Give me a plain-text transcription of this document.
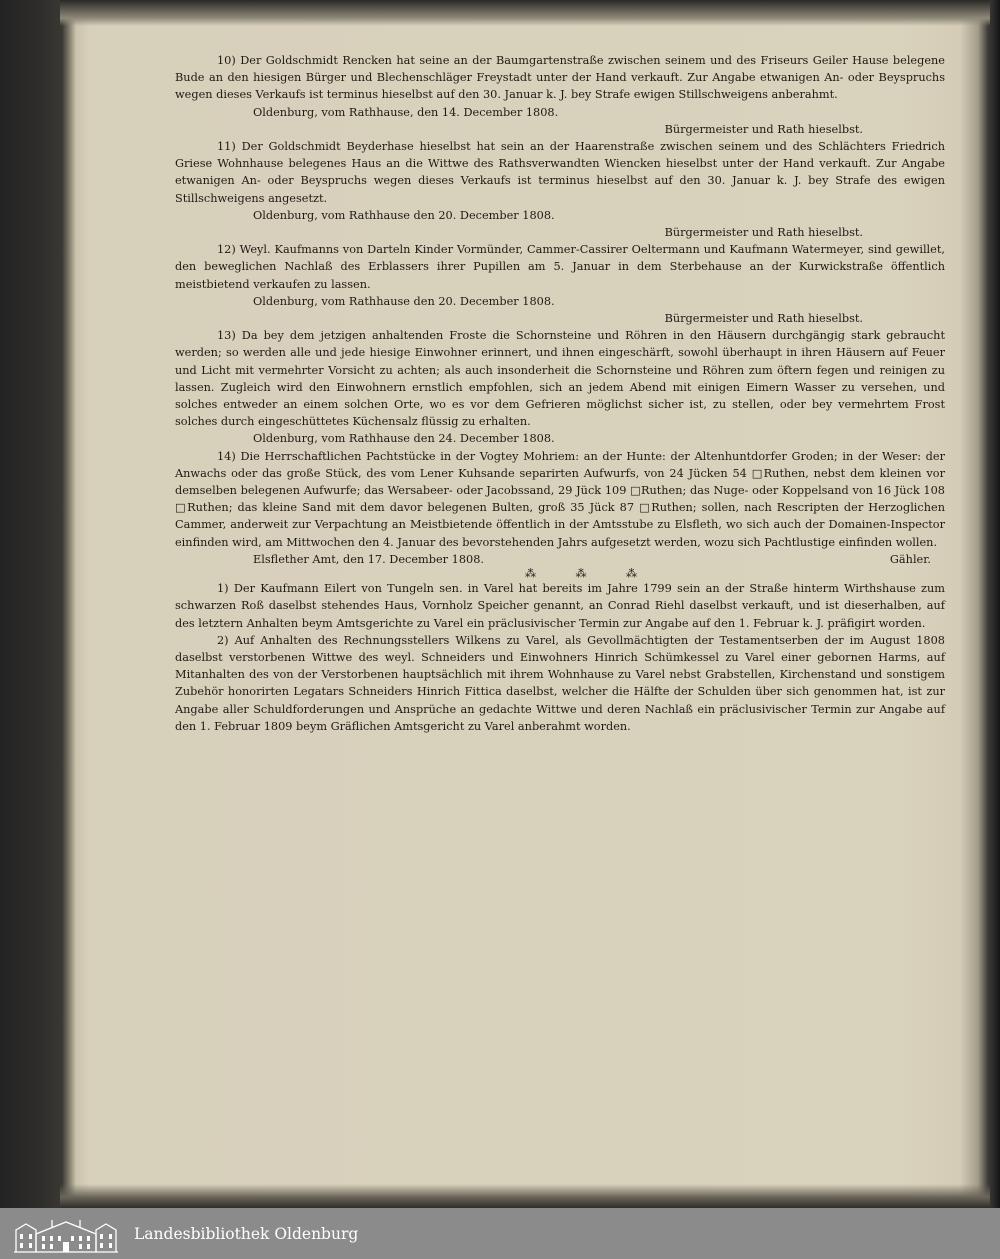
10) Der Goldschmidt Rencken hat seine an der Baumgartenstraße zwischen seinem und des Friseurs Geiler Hause belegene Bude an den hiesigen Bürger und Blechenschläger Freystadt unter der Hand verkauft. Zur Angabe etwanigen An- oder Beyspruchs wegen dieses Verkaufs ist terminus hieselbst auf den 30. Januar k. J. bey Strafe ewigen Stillschweigens anberahmt.

Oldenburg, vom Rathhause, den 14. December 1808.

Bürgermeister und Rath hieselbst.

11) Der Goldschmidt Beyderhase hieselbst hat sein an der Haarenstraße zwischen seinem und des Schlächters Friedrich Griese Wohnhause belegenes Haus an die Wittwe des Rathsverwandten Wiencken hieselbst unter der Hand verkauft. Zur Angabe etwanigen An- oder Beyspruchs wegen dieses Verkaufs ist terminus hieselbst auf den 30. Januar k. J. bey Strafe des ewigen Stillschweigens angesetzt.

Oldenburg, vom Rathhause den 20. December 1808.

Bürgermeister und Rath hieselbst.

12) Weyl. Kaufmanns von Darteln Kinder Vormünder, Cammer-Cassirer Oeltermann und Kaufmann Watermeyer, sind gewillet, den beweglichen Nachlaß des Erblassers ihrer Pupillen am 5. Januar in dem Sterbehause an der Kurwickstraße öffentlich meistbietend verkaufen zu lassen.

Oldenburg, vom Rathhause den 20. December 1808.

Bürgermeister und Rath hieselbst.

13) Da bey dem jetzigen anhaltenden Froste die Schornsteine und Röhren in den Häusern durchgängig stark gebraucht werden; so werden alle und jede hiesige Einwohner erinnert, und ihnen eingeschärft, sowohl überhaupt in ihren Häusern auf Feuer und Licht mit vermehrter Vorsicht zu achten; als auch insonderheit die Schornsteine und Röhren zum öftern fegen und reinigen zu lassen. Zugleich wird den Einwohnern ernstlich empfohlen, sich an jedem Abend mit einigen Eimern Wasser zu versehen, und solches entweder an einem solchen Orte, wo es vor dem Gefrieren möglichst sicher ist, zu stellen, oder bey vermehrtem Frost solches durch eingeschüttetes Küchensalz flüssig zu erhalten.

Oldenburg, vom Rathhause den 24. December 1808.

14) Die Herrschaftlichen Pachtstücke in der Vogtey Mohriem: an der Hunte: der Altenhuntdorfer Groden; in der Weser: der Anwachs oder das große Stück, des vom Lener Kuhsande separirten Aufwurfs, von 24 Jücken 54 □Ruthen, nebst dem kleinen vor demselben belegenen Aufwurfe; das Wersabeer- oder Jacobssand, 29 Jück 109 □Ruthen; das Nuge- oder Koppelsand von 16 Jück 108 □Ruthen; das kleine Sand mit dem davor belegenen Bulten, groß 35 Jück 87 □Ruthen; sollen, nach Rescripten der Herzoglichen Cammer, anderweit zur Verpachtung an Meistbietende öffentlich in der Amtsstube zu Elsfleth, wo sich auch der Domainen-Inspector einfinden wird, am Mittwochen den 4. Januar des bevorstehenden Jahrs aufgesetzt werden, wozu sich Pachtlustige einfinden wollen.

Elsflether Amt, den 17. December 1808.	Gähler.

⁂ ⁂ ⁂

1) Der Kaufmann Eilert von Tungeln sen. in Varel hat bereits im Jahre 1799 sein an der Straße hinterm Wirthshause zum schwarzen Roß daselbst stehendes Haus, Vornholz Speicher genannt, an Conrad Riehl daselbst verkauft, und ist dieserhalben, auf des letztern Anhalten beym Amtsgerichte zu Varel ein präclusivischer Termin zur Angabe auf den 1. Februar k. J. präfigirt worden.

2) Auf Anhalten des Rechnungsstellers Wilkens zu Varel, als Gevollmächtigten der Testamentserben der im August 1808 daselbst verstorbenen Wittwe des weyl. Schneiders und Einwohners Hinrich Schümkessel zu Varel einer gebornen Harms, auf Mitanhalten des von der Verstorbenen hauptsächlich mit ihrem Wohnhause zu Varel nebst Grabstellen, Kirchenstand und sonstigem Zubehör honorirten Legatars Schneiders Hinrich Fittica daselbst, welcher die Hälfte der Schulden über sich genommen hat, ist zur Angabe aller Schuldforderungen und Ansprüche an gedachte Wittwe und deren Nachlaß ein präclusivischer Termin zur Angabe auf den 1. Februar 1809 beym Gräflichen Amtsgericht zu Varel anberahmt worden.

Landesbibliothek Oldenburg
